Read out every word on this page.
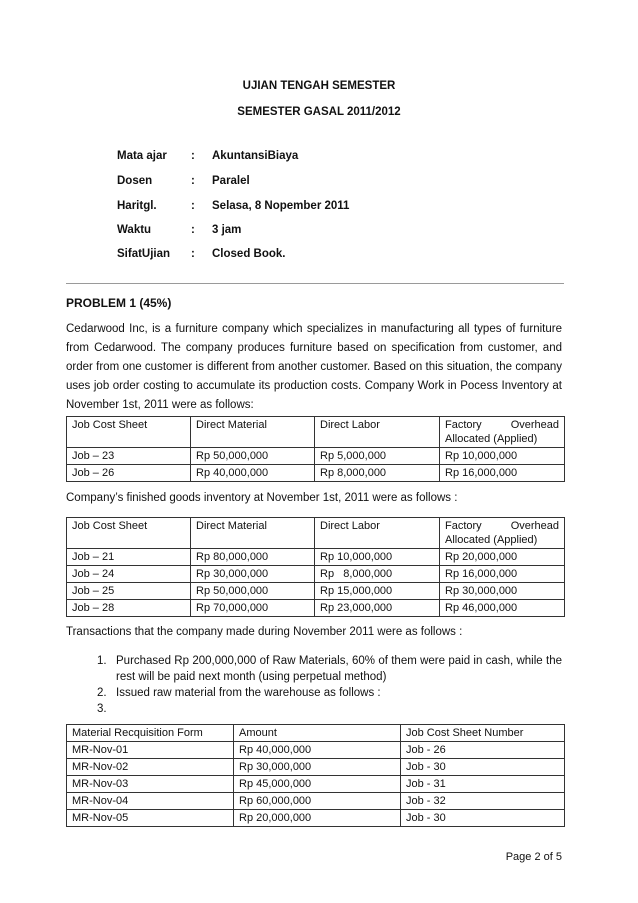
UJIAN TENGAH SEMESTER
SEMESTER GASAL 2011/2012
Mata ajar : AkuntansiBiaya
Dosen	: Paralel
Haritgl.	: Selasa, 8 Nopember 2011
Waktu	: 3 jam
SifatUjian : Closed Book.
PROBLEM 1 (45%)
Cedarwood Inc, is a furniture company which specializes in manufacturing all types of furniture from Cedarwood. The company produces furniture based on specification from customer, and order from one customer is different from another customer. Based on this situation, the company uses job order costing to accumulate its production costs. Company Work in Pocess Inventory at November 1st, 2011 were as follows:
Job Cost Sheet	Direct Material	Direct Labor	Factory Overhead
Allocated (Applied)

Job – 23	Rp 50,000,000	Rp 5,000,000	Rp 10,000,000
Job – 26	Rp 40,000,000	Rp 8,000,000	Rp 16,000,000
Company’s finished goods inventory at November 1st, 2011 were as follows :
Job Cost Sheet	Direct Material	Direct Labor	Factory Overhead
Allocated (Applied)

Job – 21	Rp 80,000,000	Rp 10,000,000	Rp 20,000,000
Job – 24	Rp 30,000,000	Rp   8,000,000	Rp 16,000,000
Job – 25	Rp 50,000,000	Rp 15,000,000	Rp 30,000,000
Job – 28	Rp 70,000,000	Rp 23,000,000	Rp 46,000,000
Transactions that the company made during November 2011 were as follows :
1. Purchased Rp 200,000,000 of Raw Materials, 60% of them were paid in cash, while the rest will be paid next month (using perpetual method)
2. Issued raw material from the warehouse as follows :
3.

Material Recquisition Form	Amount	Job Cost Sheet Number
MR-Nov-01	Rp 40,000,000	Job - 26
MR-Nov-02	Rp 30,000,000	Job - 30
MR-Nov-03	Rp 45,000,000	Job - 31
MR-Nov-04	Rp 60,000,000	Job - 32
MR-Nov-05	Rp 20,000,000	Job - 30
Page 2 of 5
